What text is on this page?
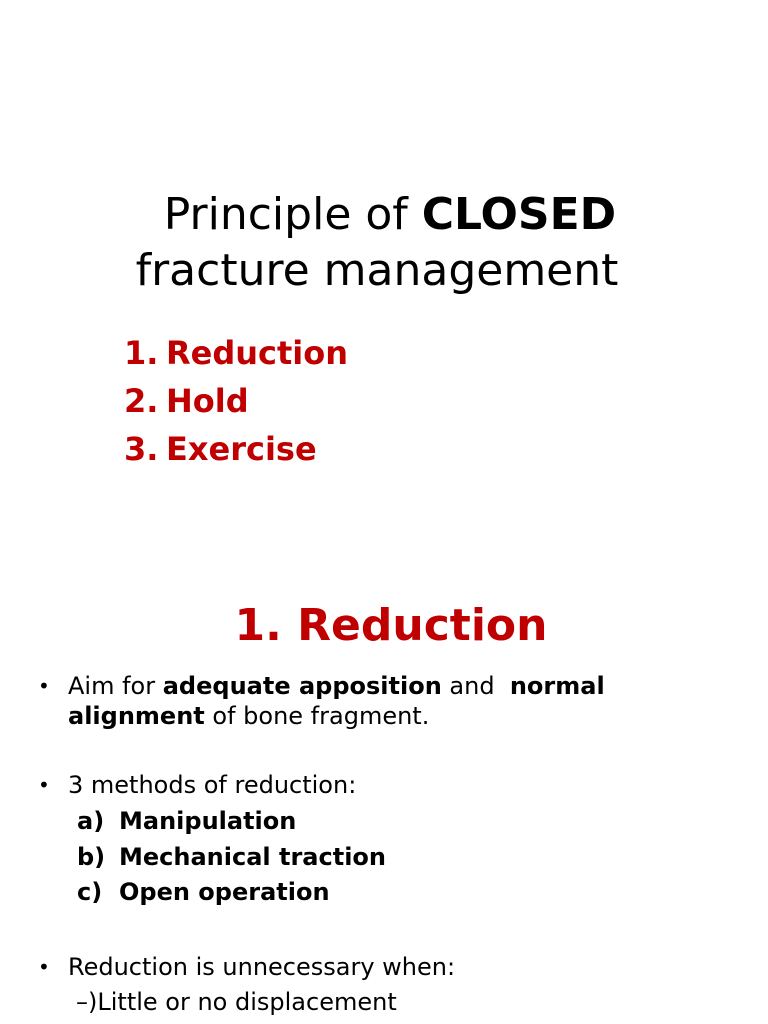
Principle of CLOSED
fracture management
1. Reduction
2. Hold
3. Exercise
1. Reduction
• Aim for adequate apposition and  normal
alignment of bone fragment.
• 3 methods of reduction:
a) Manipulation
b) Mechanical traction
c) Open operation
• Reduction is unnecessary when:
–)Little or no displacement
